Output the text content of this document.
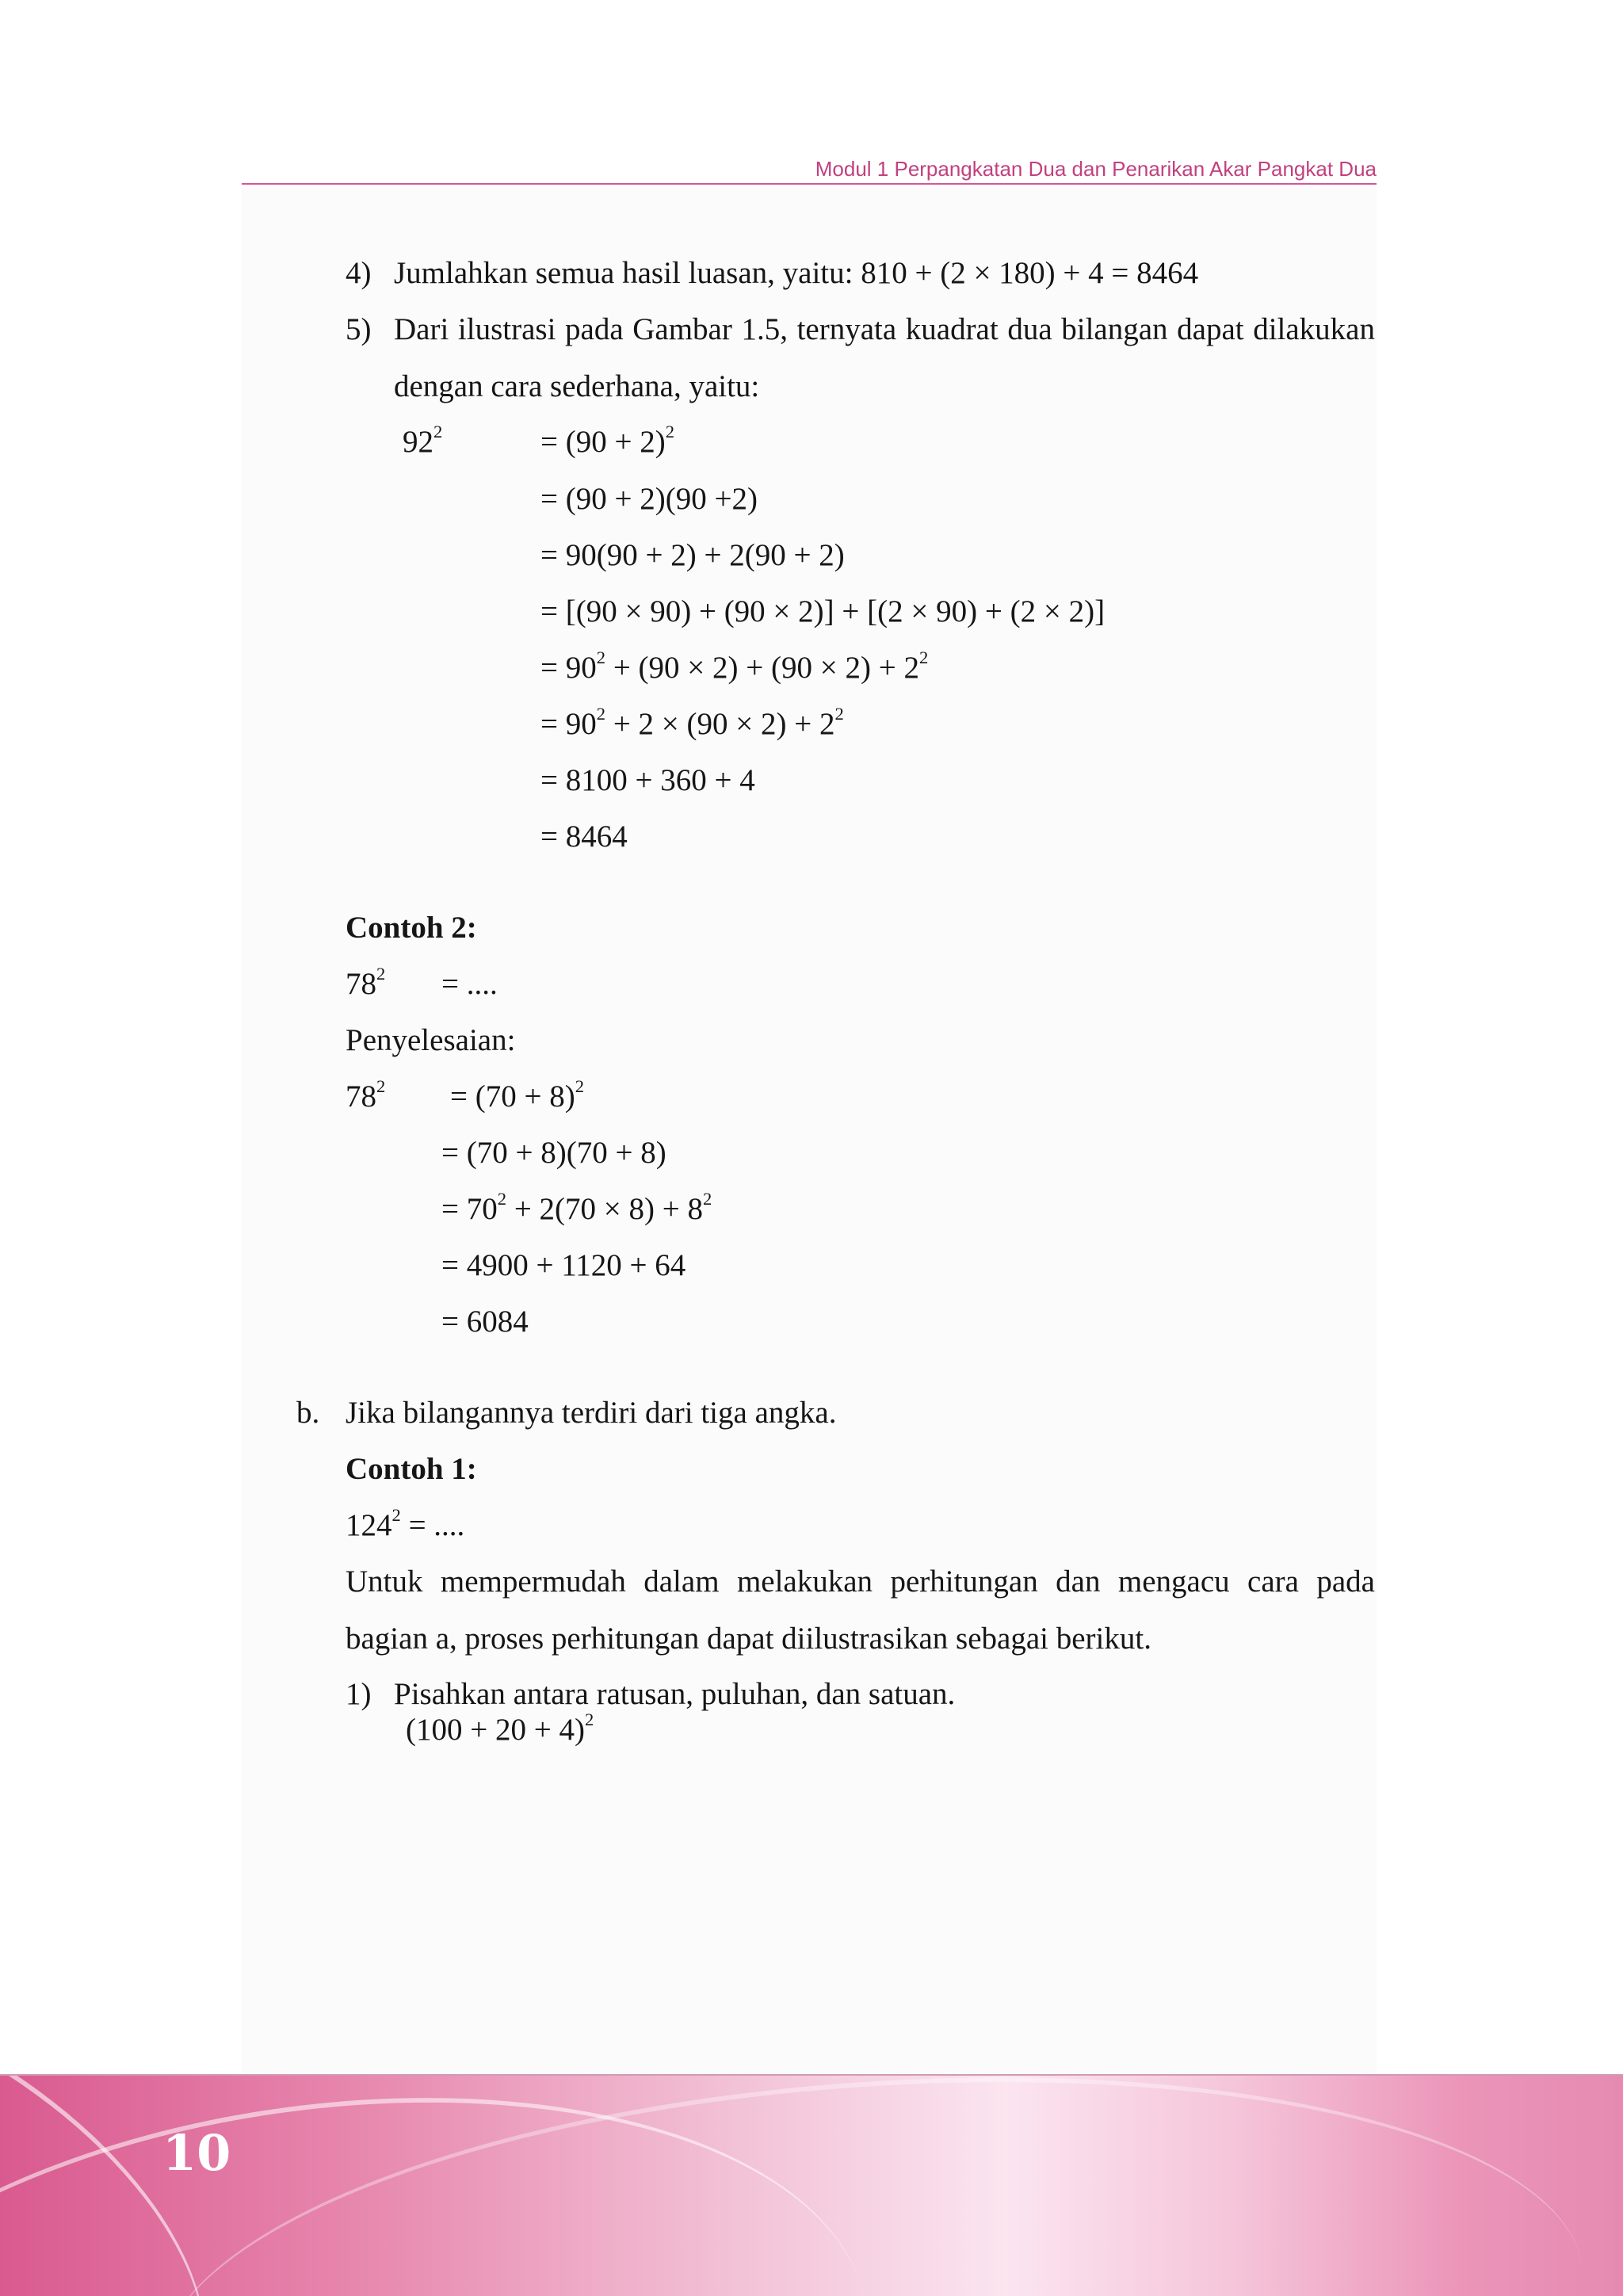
Modul 1 Perpangkatan Dua dan Penarikan Akar Pangkat Dua
4) Jumlahkan semua hasil luasan, yaitu: 810 + (2 × 180) + 4 = 8464
5) Dari ilustrasi pada Gambar 1.5, ternyata kuadrat dua bilangan dapat dilakukan dengan cara sederhana, yaitu:
$92^2$	= $(90 + 2)^2$
= (90 + 2)(90 +2)
= 90(90 + 2) + 2(90 + 2)
= [(90 × 90) + (90 × 2)] + [(2 × 90) + (2 × 2)]
= $90^2 + (90 \times 2) + (90 \times 2) + 2^2$
= $90^2 + 2 \times (90 \times 2) + 2^2$
= 8100 + 360 + 4
= 8464
Contoh 2:
$78^2$ = ....
Penyelesaian:
$78^2 = (70 + 8)^2$
= (70 + 8)(70 + 8)
= $70^2 + 2(70 \times 8) + 8^2$
= 4900 + 1120 + 64
= 6084
b. Jika bilangannya terdiri dari tiga angka.
Contoh 1:
$124^2$ = ....
Untuk mempermudah dalam melakukan perhitungan dan mengacu cara pada bagian a, proses perhitungan dapat diilustrasikan sebagai berikut.
1) Pisahkan antara ratusan, puluhan, dan satuan.
$(100 + 20 + 4)^2$
10
